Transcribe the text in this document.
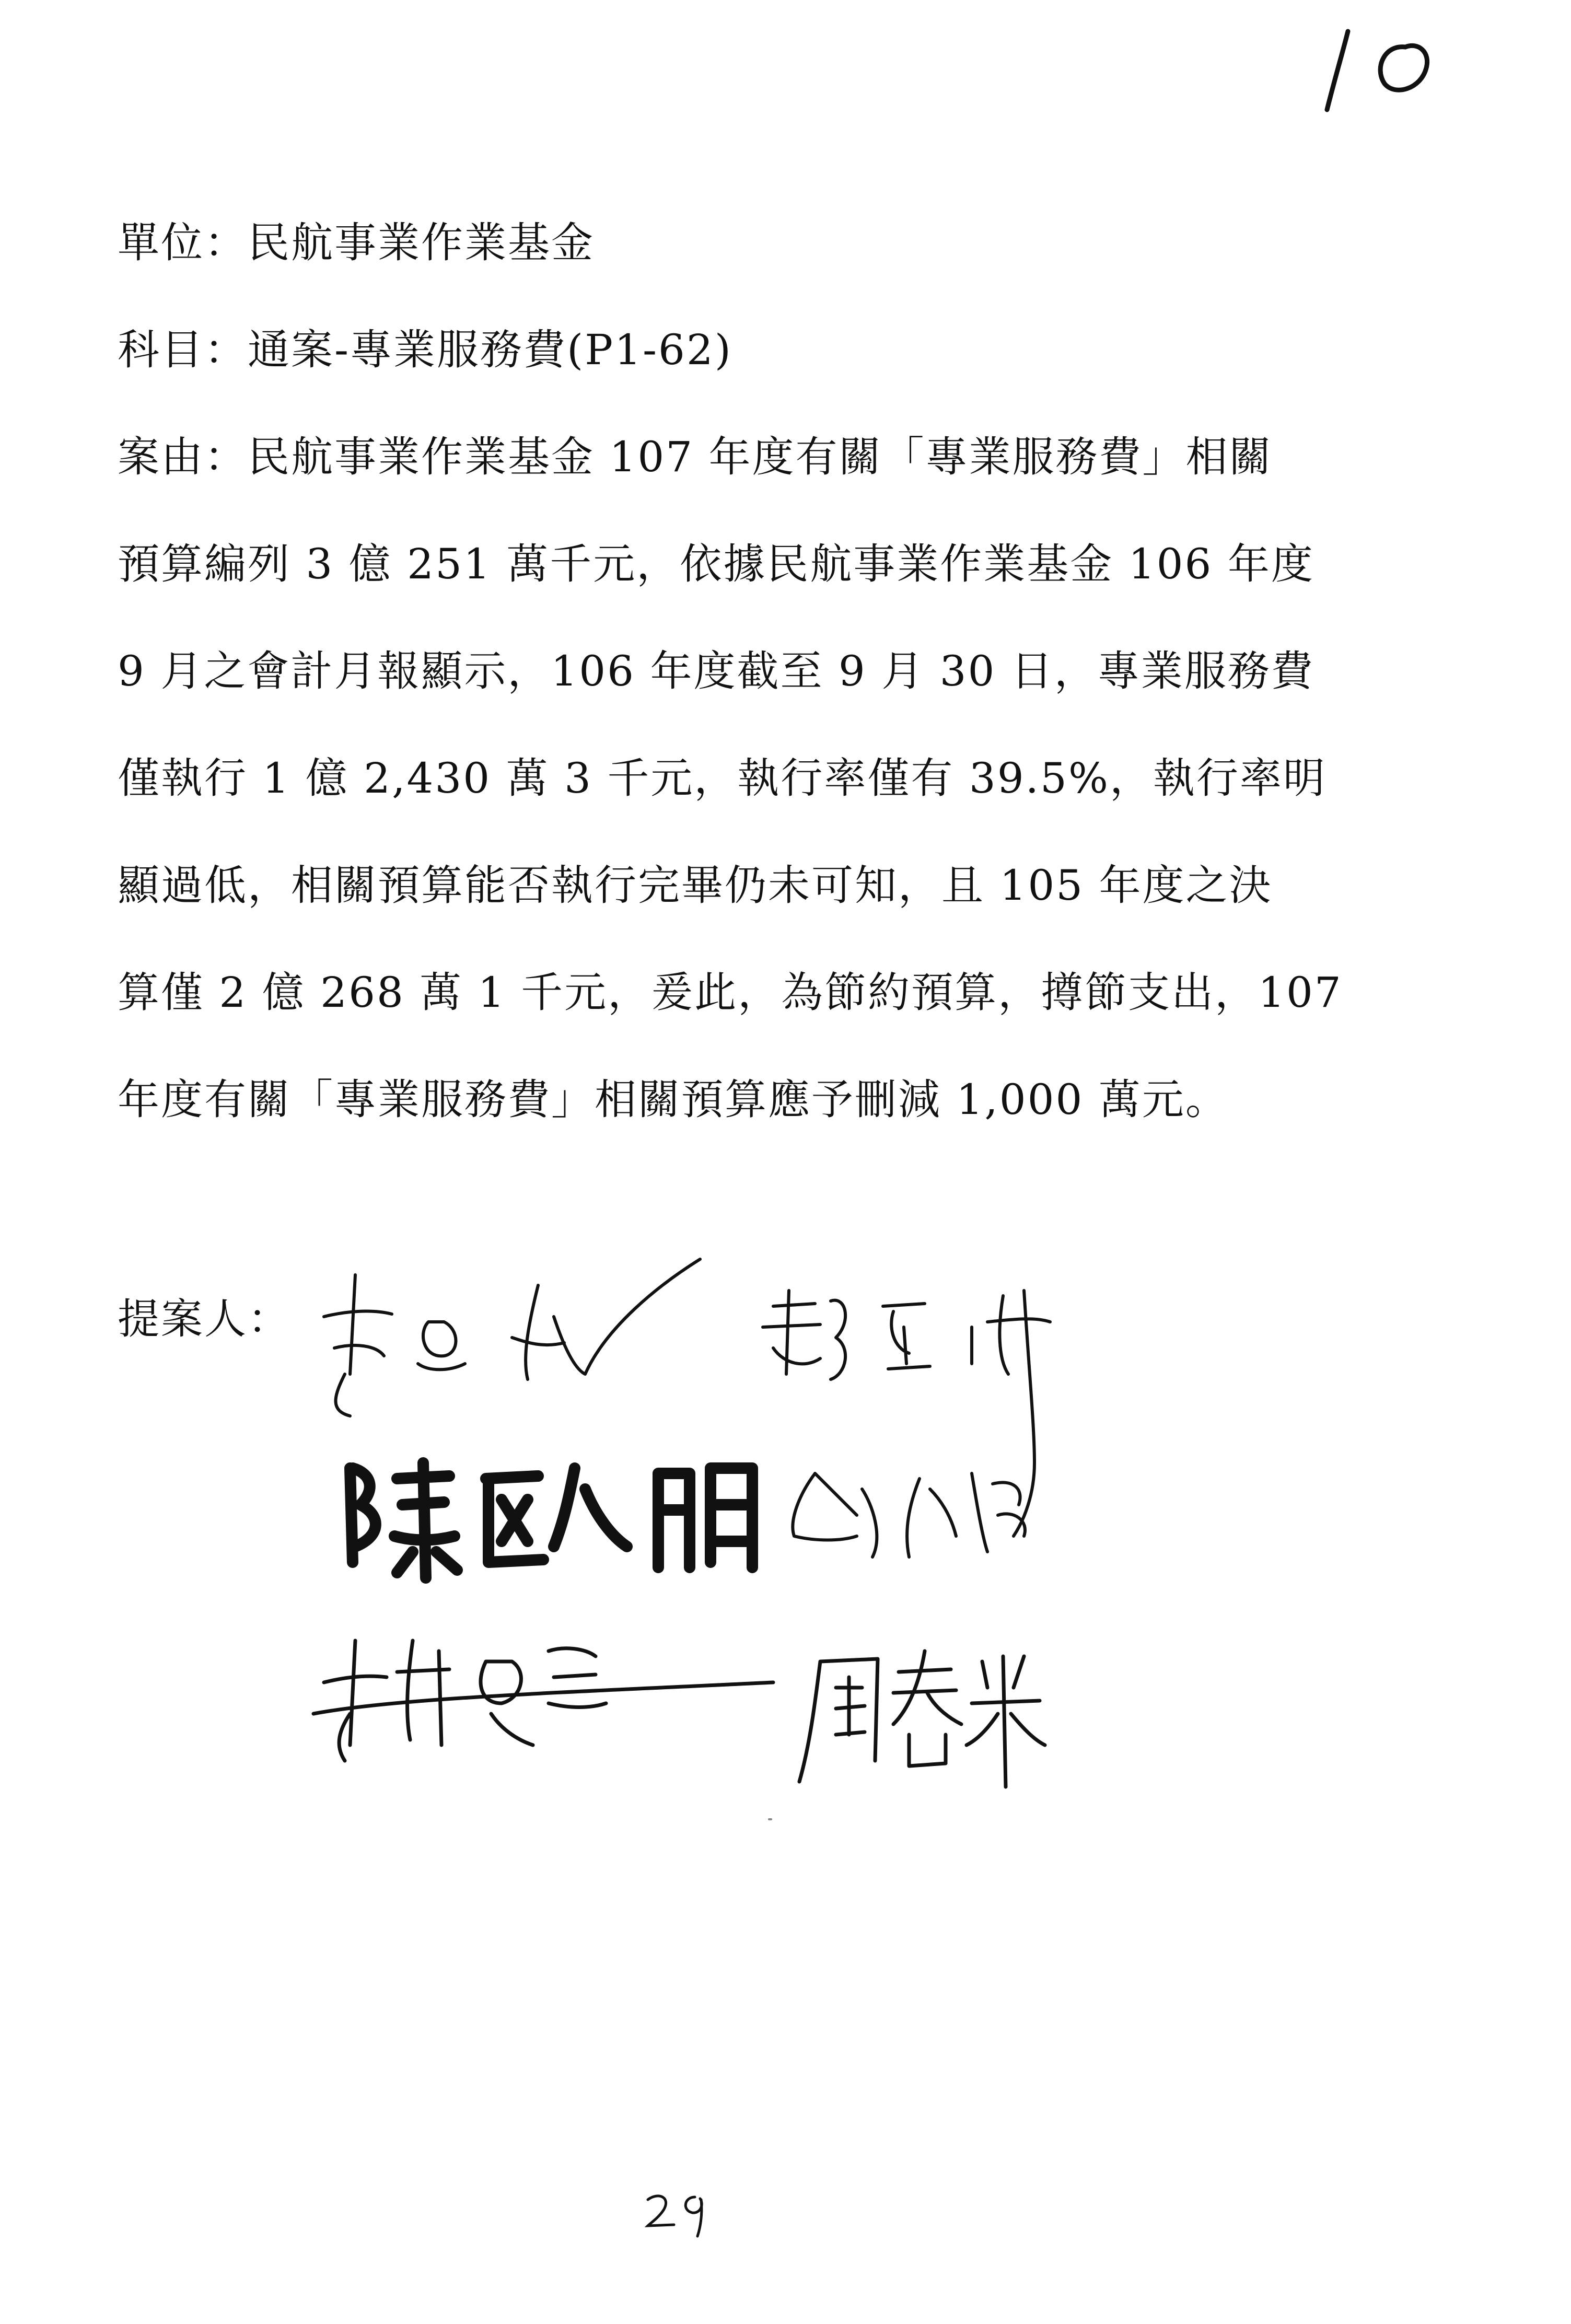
單位：民航事業作業基金
科目：通案-專業服務費(P1-62)
案由：民航事業作業基金 107 年度有關「專業服務費」相關
預算編列 3 億 251 萬千元，依據民航事業作業基金 106 年度
9 月之會計月報顯示，106 年度截至 9 月 30 日，專業服務費
僅執行 1 億 2,430 萬 3 千元，執行率僅有 39.5%，執行率明
顯過低，相關預算能否執行完畢仍未可知，且 105 年度之決
算僅 2 億 268 萬 1 千元，爰此，為節約預算，撙節支出，107
年度有關「專業服務費」相關預算應予刪減 1,000 萬元。
提案人：
